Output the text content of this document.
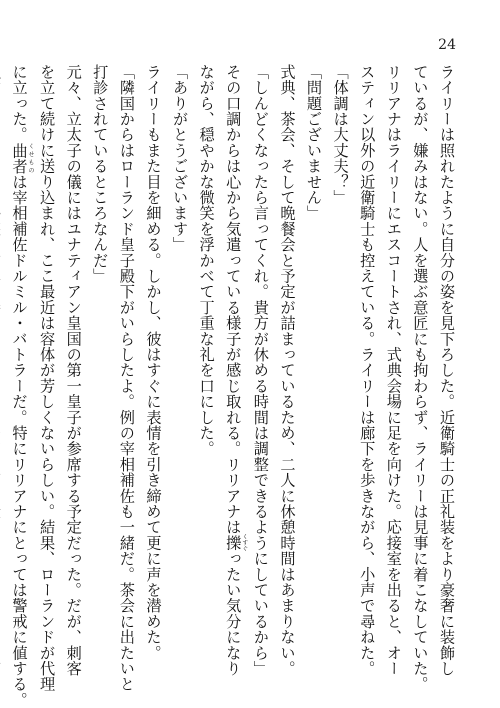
24
ライリーは照れたように自分の姿を見下ろした。近衛騎士の正礼装をより豪奢に装飾し
ているが、嫌みはない。人を選ぶ意匠にも拘わらず、ライリーは見事に着こなしていた。
リリアナはライリーにエスコートされ、式典会場に足を向けた。応接室を出ると、オー
スティン以外の近衛騎士も控えている。ライリーは廊下を歩きながら、小声で尋ねた。
「体調は大丈夫？」
「問題ございません」
式典、茶会、そして晩餐会と予定が詰まっているため、二人に休憩時間はあまりない。
「しんどくなったら言ってくれ。貴方が休める時間は調整できるようにしているから」
その口調からは心から気遣っている様子が感じ取れる。リリアナは擽くすぐったい気分になり
ながら、穏やかな微笑を浮かべて丁重な礼を口にした。
「ありがとうございます」
ライリーもまた目を細める。しかし、彼はすぐに表情を引き締めて更に声を潜めた。
「隣国からはローランド皇子殿下がいらしたよ。例の宰相補佐も一緒だ。茶会に出たいと
打診されているところなんだ」
元々、立太子の儀にはユナティアン皇国の第一皇子が参席する予定だった。だが、刺客
を立て続けに送り込まれ、ここ最近は容体が芳しくないらしい。結果、ローランドが代理
に立った。曲者くせものは宰相補佐ドルミル・バトラーだ。特にリリアナにとっては警戒に値する。
